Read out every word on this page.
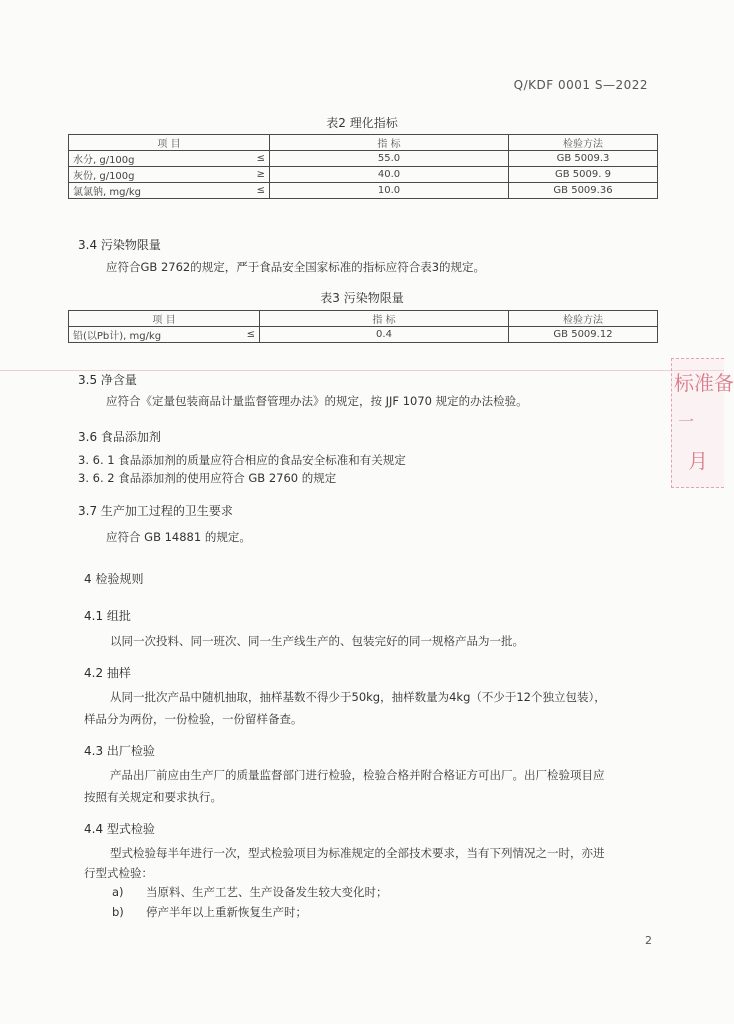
Q/KDF 0001 S—2022
表2 理化指标
项 目		指 标	检验方法
水分, g/100g	≤	55.0	GB 5009.3
灰份, g/100g	≥	40.0	GB 5009. 9
氯氯钠, mg/kg	≤	10.0	GB 5009.36
3.4 污染物限量
应符合GB 2762的规定，严于食品安全国家标准的指标应符合表3的规定。
表3 污染物限量
项 目		指 标	检验方法
铅(以Pb计), mg/kg	≤	0.4	GB 5009.12
标准备
一
月
3.5 净含量
应符合《定量包装商品计量监督管理办法》的规定，按 JJF 1070 规定的办法检验。
3.6 食品添加剂
3. 6. 1 食品添加剂的质量应符合相应的食品安全标准和有关规定
3. 6. 2 食品添加剂的使用应符合 GB 2760 的规定
3.7 生产加工过程的卫生要求
应符合 GB 14881 的规定。
4 检验规则
4.1 组批
以同一次投料、同一班次、同一生产线生产的、包装完好的同一规格产品为一批。
4.2 抽样
从同一批次产品中随机抽取，抽样基数不得少于50kg，抽样数量为4kg（不少于12个独立包装），
样品分为两份，一份检验，一份留样备查。
4.3 出厂检验
产品出厂前应由生产厂的质量监督部门进行检验，检验合格并附合格证方可出厂。出厂检验项目应
按照有关规定和要求执行。
4.4 型式检验
型式检验每半年进行一次，型式检验项目为标准规定的全部技术要求，当有下列情况之一时，亦进
行型式检验：
a) 当原料、生产工艺、生产设备发生较大变化时；
b) 停产半年以上重新恢复生产时；
2
